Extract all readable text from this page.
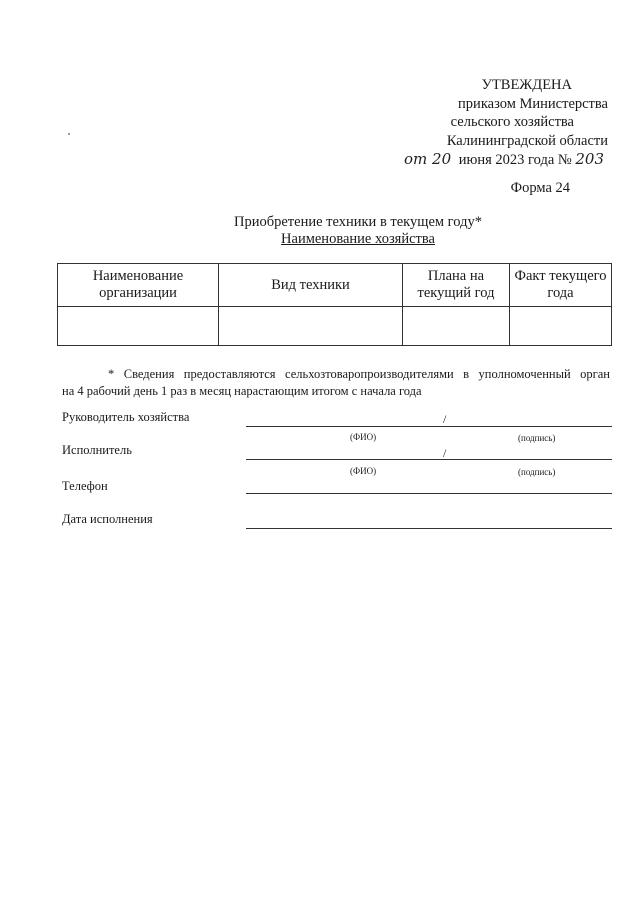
УТВЕЖДЕНА
приказом Министерства
сельского хозяйства
Калининградской области
от 20 июня 2023 года № 203
Форма 24
Приобретение техники в текущем году*
Наименование хозяйства
Наименование организации	Вид техники	Плана на текущий год	Факт текущего года

* Сведения предоставляются сельхозтоваропроизводителями в уполномоченный орган
на 4 рабочий день 1 раз в месяц нарастающим итогом с начала года
Руководитель хозяйства	/
(ФИО)	(подпись)
Исполнитель	/
(ФИО)	(подпись)
Телефон
Дата исполнения
